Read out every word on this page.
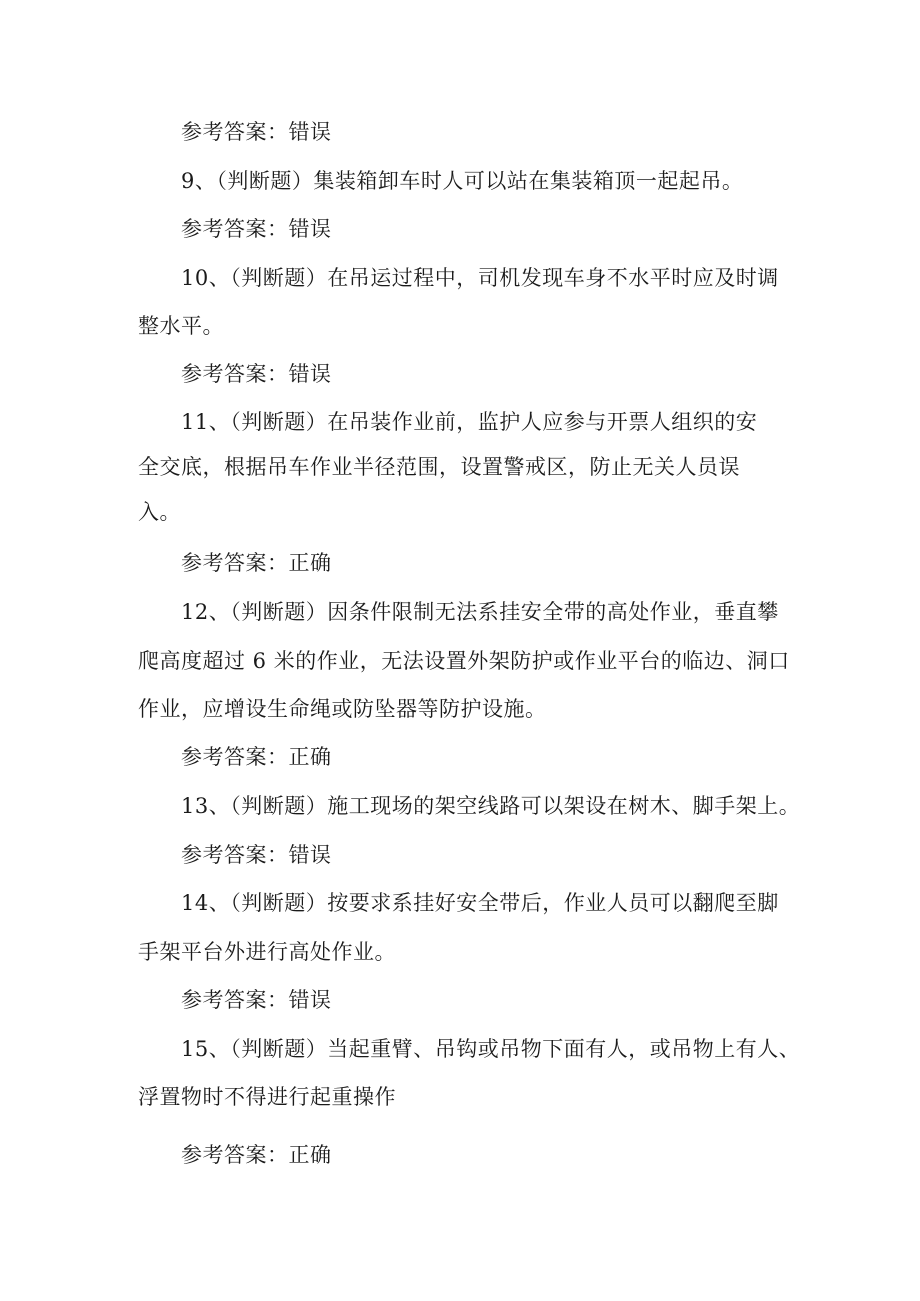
参考答案：错误
9、（判断题）集装箱卸车时人可以站在集装箱顶一起起吊。
参考答案：错误
10、（判断题）在吊运过程中，司机发现车身不水平时应及时调
整水平。
参考答案：错误
11、（判断题）在吊装作业前，监护人应参与开票人组织的安
全交底，根据吊车作业半径范围，设置警戒区，防止无关人员误
入。
参考答案：正确
12、（判断题）因条件限制无法系挂安全带的高处作业，垂直攀
爬高度超过 6 米的作业，无法设置外架防护或作业平台的临边、洞口
作业，应增设生命绳或防坠器等防护设施。
参考答案：正确
13、（判断题）施工现场的架空线路可以架设在树木、脚手架上。
参考答案：错误
14、（判断题）按要求系挂好安全带后，作业人员可以翻爬至脚
手架平台外进行高处作业。
参考答案：错误
15、（判断题）当起重臂、吊钩或吊物下面有人，或吊物上有人、
浮置物时不得进行起重操作
参考答案：正确
